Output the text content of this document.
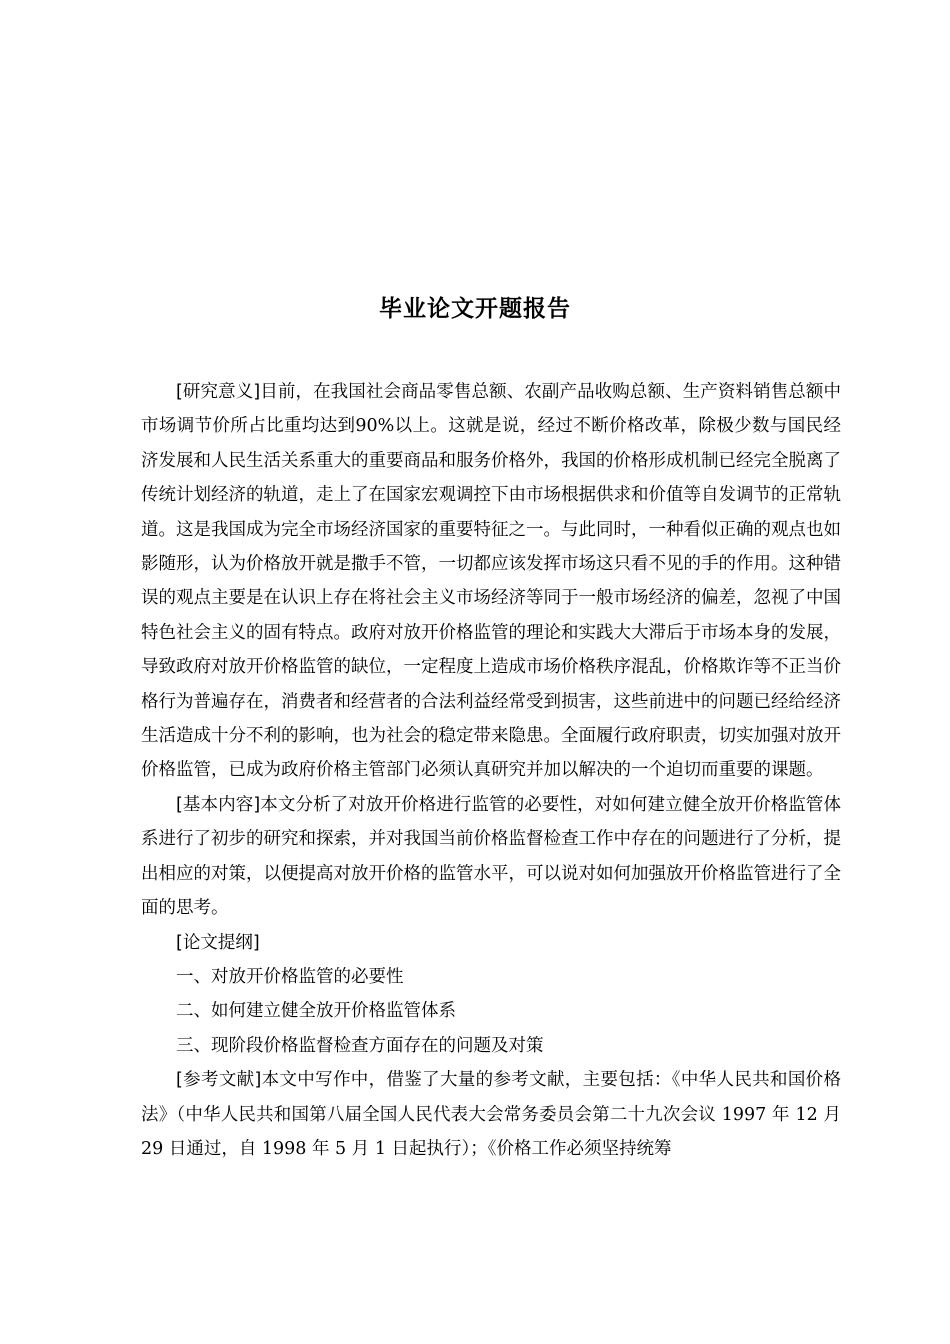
毕业论文开题报告

[研究意义]目前，在我国社会商品零售总额、农副产品收购总额、生产资料销售总额中市场调节价所占比重均达到90%以上。这就是说，经过不断价格改革，除极少数与国民经济发展和人民生活关系重大的重要商品和服务价格外，我国的价格形成机制已经完全脱离了传统计划经济的轨道，走上了在国家宏观调控下由市场根据供求和价值等自发调节的正常轨道。这是我国成为完全市场经济国家的重要特征之一。与此同时，一种看似正确的观点也如影随形，认为价格放开就是撒手不管，一切都应该发挥市场这只看不见的手的作用。这种错误的观点主要是在认识上存在将社会主义市场经济等同于一般市场经济的偏差，忽视了中国特色社会主义的固有特点。政府对放开价格监管的理论和实践大大滞后于市场本身的发展，导致政府对放开价格监管的缺位，一定程度上造成市场价格秩序混乱，价格欺诈等不正当价格行为普遍存在，消费者和经营者的合法利益经常受到损害，这些前进中的问题已经给经济生活造成十分不利的影响，也为社会的稳定带来隐患。全面履行政府职责，切实加强对放开价格监管，已成为政府价格主管部门必须认真研究并加以解决的一个迫切而重要的课题。

[基本内容]本文分析了对放开价格进行监管的必要性，对如何建立健全放开价格监管体系进行了初步的研究和探索，并对我国当前价格监督检查工作中存在的问题进行了分析，提出相应的对策，以便提高对放开价格的监管水平，可以说对如何加强放开价格监管进行了全面的思考。

[论文提纲]

一、对放开价格监管的必要性

二、如何建立健全放开价格监管体系

三、现阶段价格监督检查方面存在的问题及对策

[参考文献]本文中写作中，借鉴了大量的参考文献，主要包括：《中华人民共和国价格法》（中华人民共和国第八届全国人民代表大会常务委员会第二十九次会议 1997 年 12 月 29 日通过，自 1998 年 5 月 1 日起执行）；《价格工作必须坚持统筹
